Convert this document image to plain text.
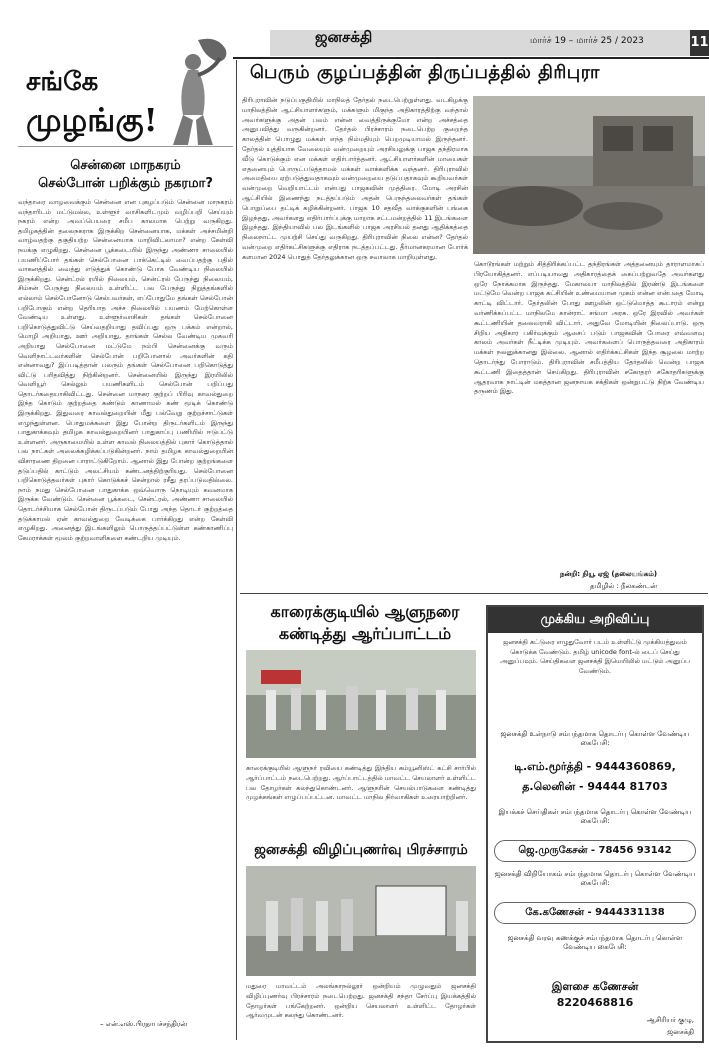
ஜனசக்தி	மார்ச் 19 – மார்ச் 25 / 2023	11
சங்கே
முழங்கு!
சென்னை மாநகரம்
செல்போன் பறிக்கும் நகரமா?
வந்தாரை வாழவைக்கும் சென்னை என புகழப்படும் சென்னை மாநகரம் வந்தாரிடம் மட்டுமல்ல, உள்ளூர் வாசிகளிடமும் வழிப்பறி செய்யும் நகரம் என்ற அவப்பெயரை சமீப காலமாக பெற்று வருகிறது. தமிழகத்தின் தலைநகராக இருக்கிற சென்னையாக, மக்கள் அச்சமின்றி வாழ்வதற்கு தகுதியற்ற சென்னையாக மாறிவிடலாமா? என்ற கேள்வி நமக்கு எழுகிறது. சென்னை பூக்கடையில் இருந்து அண்ணா சாலையில் பயணிப்போர் தங்கள் செல்போனை பாக்கெட்டில் வைப்பதற்கு பதில் வாகனத்தில் வைத்து எடுத்துக் கொண்டு போக வேண்டிய நிலையில் இருக்கிறது. சென்ட்ரல் ரயில் நிலையம், சென்ட்ரல் பேருந்து நிலையம், சிம்சன் பேருந்து நிலையம் உள்ளிட்ட பல பேருந்து நிறுத்தங்களில் எல்லாம் செல்போனோடு செல்பவர்கள், எப்போதுமே தங்கள் செல்போன் பறிபோகும் என்ற தெரியாத அச்ச நிலையில் பயணம் மேற்கொள்ள வேண்டிய உள்ளது. உள்ளூர்வாசிகள் தங்கள் செல்போனை பறிகொடுத்துவிட்டு செய்வதறியாது தவிப்பது ஒரு பக்கம் என்றால், மொழி அறியாது, ஊர் அறியாது, தாங்கள் செல்ல வேண்டிய முகவரி அறியாது செல்போனை மட்டுமே நம்பி சென்னைக்கு வரும் வெளிநாட்டவர்களின் செல்போன் பறிபோனால் அவர்களின் கதி என்னாவது? இப்படித்தான் பலரும் தங்கள் செல்போனை பறிகொடுத்து விட்டு பரிதவித்து நிற்கின்றனர். சென்னையில் இருந்து இரயிலில் வெளியூர் செல்லும் பயணிகளிடம் செல்போன் பறிப்பது தொடர்கதையாகிவிட்டது. சென்னை மாநகர குற்றப் பிரிவு காவல்துறை இந்த கொடும் குற்றத்தை கண்டும் காணாமல் கண் மூடிக் கொண்டு இருக்கிறது. இதுவரை காவல்துறையின் மீது பல்வேறு குற்றச்சாட்டுகள் எழுந்துள்ளன. பொதுமக்களை இது போன்ற திருடர்களிடம் இருந்து பாதுகாக்கவும் தமிழக காவல்துறையினர் பாதுகாப்பு பணியில் ஈடுபட்டு உள்ளனர். அருகாமையில் உள்ள காவல் நிலையத்தில் புகார் கொடுத்தால் பல நாட்கள் அலைக்கழிக்கப்படுகின்றனர். நாம் தமிழக காவல்துறையின் விசாரணை திறனை பாராட்டுகிறோம். ஆனால் இது போன்ற குற்றங்களை தடுப்பதில் காட்டும் அலட்சியம் கண்டனத்திற்குரியது. செல்போனை பறிகொடுத்தவர்கள் புகார் கொடுக்கச் சென்றால் ரசீது தரப்படுவதில்லை. நாம் நமது செல்போனை பாதுகாக்க ஒவ்வொரு நொடியும் கவனமாக இருக்க வேண்டும். சென்னை பூக்கடை, சென்ட்ரல், அண்ணா சாலையில் தொடர்ச்சியாக செல்போன் திருடப்படும் போது அந்த தொடர் குற்றத்தை தடுக்காமல் ஏன் காவல்துறை வேடிக்கை பார்க்கிறது என்ற கேள்வி எழுகிறது. அனைத்து இடங்களிலும் பொருத்தப்பட்டுள்ள கண்காணிப்பு கேமராக்கள் மூலம் குற்றவாளிகளை கண்டறிய முடியும்.
– என்.எஸ்.பிரதாபச்சந்திரன்
பெரும் குழப்பத்தின் திருப்பத்தில் திரிபுரா
திரிபுராவின் நடுப்பகுதியில் மாநிலத் தேர்தல் நடைபெற்றுள்ளது. வடகிழக்கு மாநிலத்தின் ஆட்சியாளர்களும், மக்களும் மிகுந்த அதிகாரத்திற்கு வந்தால் அவர்களுக்கு அதன் பலம் என்ன வைத்திருக்குமோ என்ற அச்சத்தை அனுபவித்து வருகின்றனர். தேர்தல் பிரச்சாரம் நடைபெற்ற குறைந்த காலத்தின் பொழுது மக்கள் எந்த நிம்மதியும் பெறமுடியாமல் இருந்தனர். தேர்தல் யுத்தியாக வேலையும் வன்முறையும் அரசியலுக்கு பாஜக தந்திரமாக வீடு கொடுக்கும் என மக்கள் எதிர்பார்த்தனர். ஆட்சியாளர்களின் மாயைகள் எதனையும் பொருட்படுத்தாமல் மக்கள் வாக்களிக்க வந்தனர். திரிபுராவில் அமைதியை ஏற்படுத்துவதாகவும் வன்முறையை தடுப்பதாகவும் கூறியவர்கள் வன்முறை வெறியாட்டம் என்பது பாஜகவின் முத்திரை. மோடி அரசின் ஆட்சியில் இணைந்து நடத்தப்படும் அதன் பெருந்தலைவர்கள் தங்கள் பொறுப்பை தட்டிக் கழிக்கின்றனர். பாஜக 10 சதவீத வாக்குகளின் பங்கை இழந்தது, அவர்களது எதிர்பார்ப்புக்கு மாறாக சட்டமன்றத்தில் 11 இடங்களை இழந்தது. இந்தியாவில் பல இடங்களில் பாஜக அரசியல் தனது ஆதிக்கத்தை நிலைநாட்ட முயற்சி செய்து வருகிறது. திரிபுராவின் நிலை என்ன? தேர்தல் வன்முறை எதிர்கட்சிகளுக்கு எதிராக நடத்தப்பட்டது. தீர்மானகரமான போர்க் களமான 2024 பொதுத் தேர்தலுக்கான ஒரு சவாலாக மாறியுள்ளது.
கொடூரங்கள் மற்றும் சித்திரிக்கப்பட்ட தந்திரங்கள் அத்தனையும் தாராளமாகப் பிரயோகித்தனர். எப்படியாவது அதிகாரத்தைக் கைப்பற்றுவதே அவர்களது ஒரே நோக்கமாக இருந்தது. மேகாலயா மாநிலத்தில் இரண்டு இடங்களை மட்டுமே வென்ற பாஜக கட்சியின் உண்மையான முகம் என்ன என்பதை மோடி காட்டி விட்டார். தேர்தலின் போது ஊழலின் ஒட்டுமொத்த கூடாரம் என்று வர்ணிக்கப்பட்ட மாநிலமே கான்ராட் சங்மா அரசு. ஒரே இரவில் அவர்கள் கூட்டணியின் தலைவராகி விட்டார். அதுவே மோடியின் நிலைப்பாடு. ஒரு சிறிய அதிகார பகிர்வுக்கும் ஆசைப் படும் பாஜகவின் போரை எவ்வளவு காலம் அவர்கள் நீட்டிக்க முடியும். அவர்களைப் பொருத்தவரை அதிகாரம் மக்கள் நலனுக்கானது இல்லை. ஆனால் எதிர்க்கட்சிகள் இந்த சூழலை மாற்ற தொடர்ந்து போராடும். திரிபுராவின் சமீபத்திய தேர்தலில் வென்ற பாஜக கூட்டணி இதைத்தான் செய்கிறது. திரிபுராவின் சகோதரர் சகோதரிகளுக்கு ஆதரவாக நாட்டின் மகத்தான ஜனநாயக சக்திகள் ஒன்றுபட்டு நிற்க வேண்டிய தருணம் இது.
நன்றி: நியூ ஏஜ் (தலையங்கம்)
தமிழில் : நீலகண்டன்
காரைக்குடியில் ஆளுநரை
கண்டித்து ஆர்ப்பாட்டம்
காரைக்குடியில் ஆளுநர் ரவியை கண்டித்து இந்திய கம்யூனிஸ்ட் கட்சி சார்பில் ஆர்ப்பாட்டம் நடைபெற்றது. ஆர்ப்பாட்டத்தில் மாவட்ட செயலாளர் உள்ளிட்ட பல தோழர்கள் கலந்துகொண்டனர். ஆளுநரின் செயல்பாடுகளை கண்டித்து முழக்கங்கள் எழுப்பப்பட்டன. மாவட்ட மாநில நிர்வாகிகள் உரையாற்றினர்.
ஜனசக்தி விழிப்புணர்வு பிரச்சாரம்
மதுரை மாவட்டம் அலங்காநல்லூர் ஒன்றியம் முழுவதும் ஜனசக்தி விழிப்புணர்வு பிரச்சாரம் நடைபெற்றது. ஜனசக்தி சந்தா சேர்ப்பு இயக்கத்தில் தோழர்கள் பங்கேற்றனர். ஒன்றிய செயலாளர் உள்ளிட்ட தோழர்கள் ஆர்வமுடன் கலந்து கொண்டனர்.
முக்கிய அறிவிப்பு
ஜனசக்தி கட்டுரை எழுதுவோர் படம் உள்ளிட்டு முக்கியத்துவம் கொடுக்க வேண்டும். தமிழ் unicode font-ல் டைப் செய்து அனுப்பவும். செய்திகளை ஜனசக்தி இமெயிலில் மட்டும் அனுப்ப வேண்டும்.
ஜனசக்தி உள்நாடு சம்பந்தமாக தொடர்பு கொள்ள வேண்டிய கைபேசி:
டி.எம்.மூர்த்தி - 9444360869,
த.லெனின் - 94444 81703
இயக்கச் செய்திகள் சம்பந்தமாக தொடர்பு கொள்ள வேண்டிய கைபேசி:
ஜெ.முருகேசன் - 78456 93142
ஜனசக்தி விநியோகம் சம்பந்தமாக தொடர்பு கொள்ள வேண்டிய கைபேசி:
கே.கணேசன் - 9444331138
ஜனசக்தி வரவு கணக்குச் சம்பந்தமாக தொடர்பு கொள்ள வேண்டிய கைபேசி:
இளசை கணேசன்
8220468816
ஆசிரியர் குழு,
ஜனசக்தி
